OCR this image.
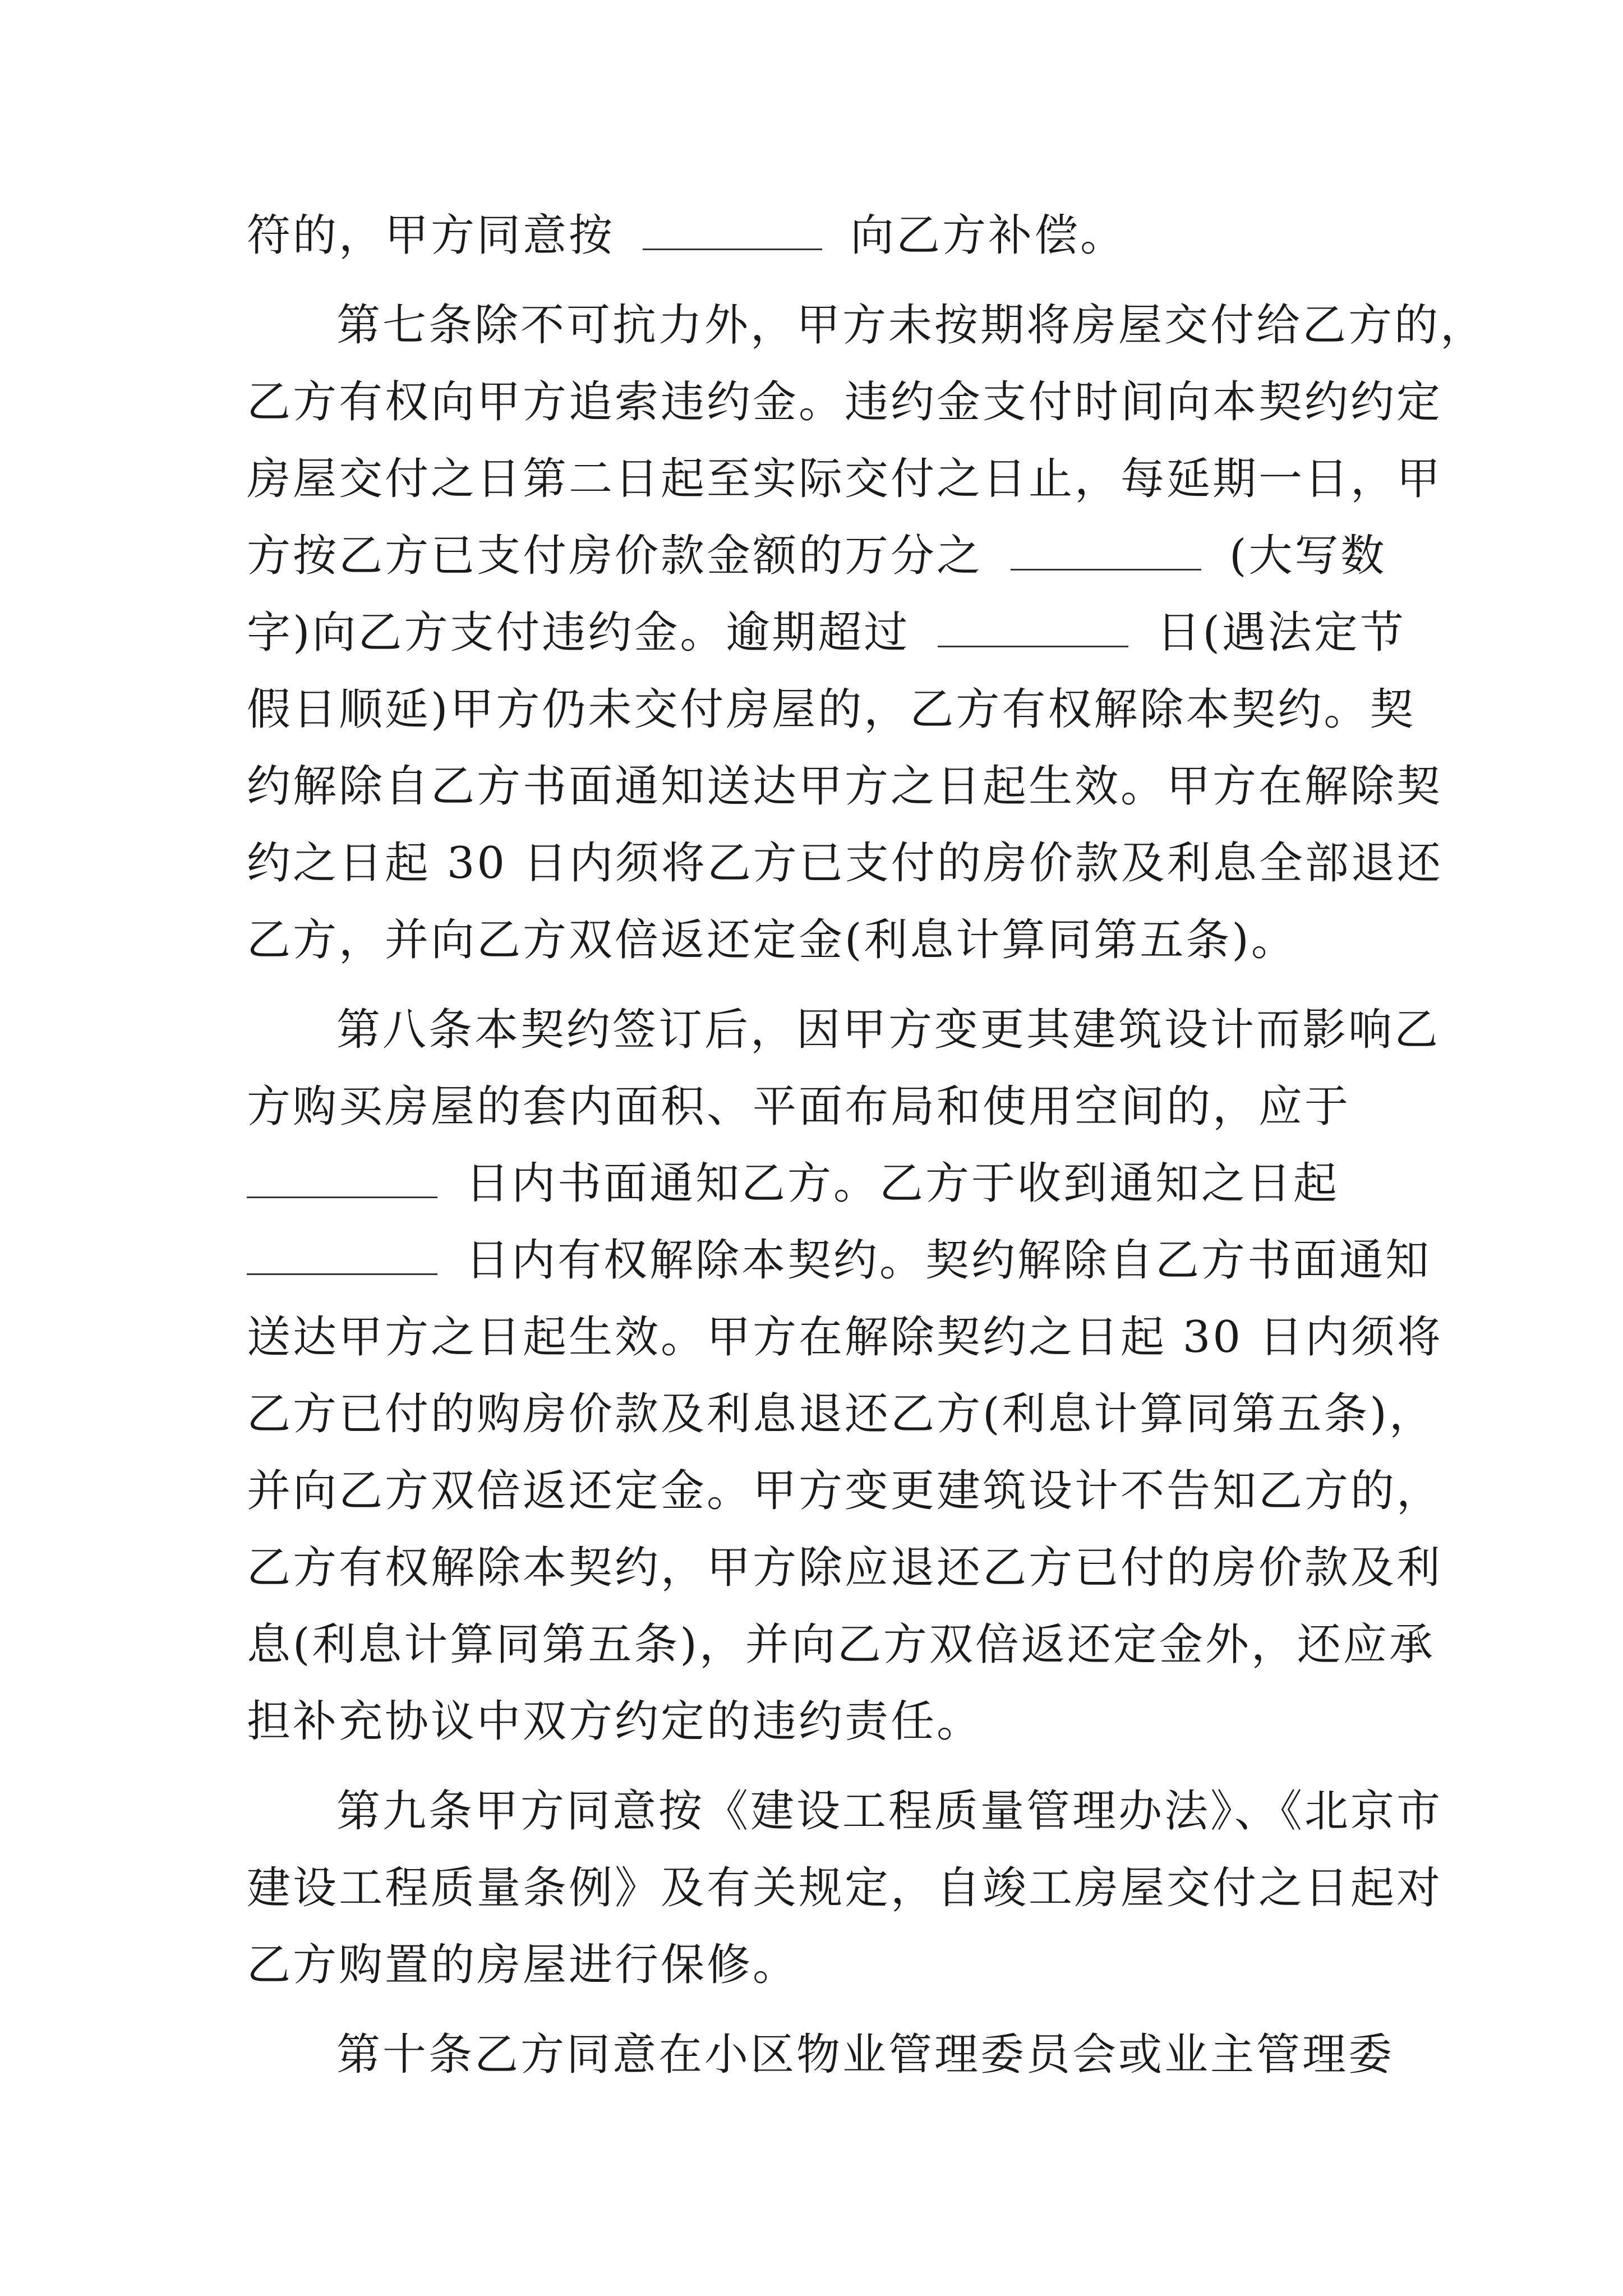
符的，甲方同意按	向乙方补偿。
第七条除不可抗力外，甲方未按期将房屋交付给乙方的，
乙方有权向甲方追索违约金。违约金支付时间向本契约约定
房屋交付之日第二日起至实际交付之日止，每延期一日，甲
方按乙方已支付房价款金额的万分之	(大写数
字)向乙方支付违约金。逾期超过	日(遇法定节
假日顺延)甲方仍未交付房屋的，乙方有权解除本契约。契
约解除自乙方书面通知送达甲方之日起生效。甲方在解除契
约之日起 30 日内须将乙方已支付的房价款及利息全部退还
乙方，并向乙方双倍返还定金(利息计算同第五条)。
第八条本契约签订后，因甲方变更其建筑设计而影响乙
方购买房屋的套内面积、平面布局和使用空间的，应于
日内书面通知乙方。乙方于收到通知之日起
日内有权解除本契约。契约解除自乙方书面通知
送达甲方之日起生效。甲方在解除契约之日起 30 日内须将
乙方已付的购房价款及利息退还乙方(利息计算同第五条)，
并向乙方双倍返还定金。甲方变更建筑设计不告知乙方的，
乙方有权解除本契约，甲方除应退还乙方已付的房价款及利
息(利息计算同第五条)，并向乙方双倍返还定金外，还应承
担补充协议中双方约定的违约责任。
第九条甲方同意按《建设工程质量管理办法》、《北京市
建设工程质量条例》及有关规定，自竣工房屋交付之日起对
乙方购置的房屋进行保修。
第十条乙方同意在小区物业管理委员会或业主管理委
